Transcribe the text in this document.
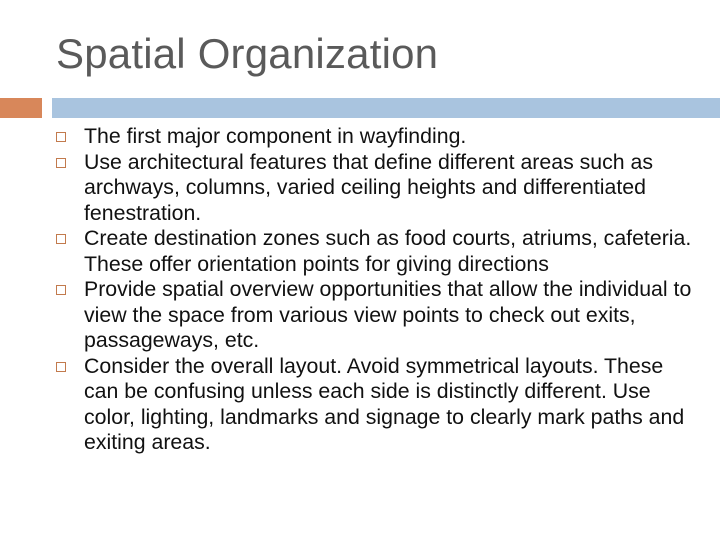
Spatial Organization
The first major component in wayfinding.
Use architectural features that define different areas such as archways, columns, varied ceiling heights and differentiated fenestration.
Create destination zones such as food courts, atriums, cafeteria. These offer orientation points for giving directions
Provide spatial overview opportunities that allow the individual to view the space from various view points to check out exits, passageways, etc.
Consider the overall layout. Avoid symmetrical layouts. These can be confusing unless each side is distinctly different. Use color, lighting, landmarks and signage to clearly mark paths and exiting areas.
